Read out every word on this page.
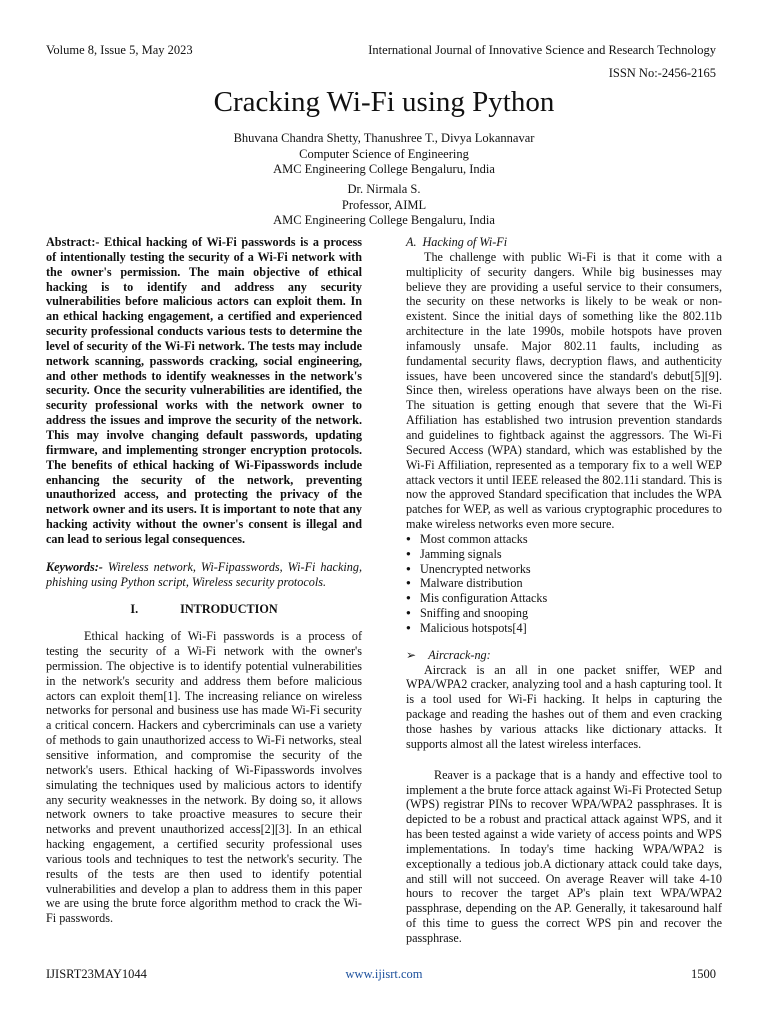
Volume 8, Issue 5, May 2023	International Journal of Innovative Science and Research Technology
ISSN No:-2456-2165
Cracking Wi-Fi using Python
Bhuvana Chandra Shetty, Thanushree T., Divya Lokannavar
Computer Science of Engineering
AMC Engineering College Bengaluru, India
Dr. Nirmala S.
Professor, AIML
AMC Engineering College Bengaluru, India

Abstract:- Ethical hacking of Wi-Fi passwords is a process of intentionally testing the security of a Wi-Fi network with the owner's permission. The main objective of ethical hacking is to identify and address any security vulnerabilities before malicious actors can exploit them. In an ethical hacking engagement, a certified and experienced security professional conducts various tests to determine the level of security of the Wi-Fi network. The tests may include network scanning, passwords cracking, social engineering, and other methods to identify weaknesses in the network's security. Once the security vulnerabilities are identified, the security professional works with the network owner to address the issues and improve the security of the network. This may involve changing default passwords, updating firmware, and implementing stronger encryption protocols. The benefits of ethical hacking of Wi-Fipasswords include enhancing the security of the network, preventing unauthorized access, and protecting the privacy of the network owner and its users. It is important to note that any hacking activity without the owner's consent is illegal and can lead to serious legal consequences.

Keywords:- Wireless network, Wi-Fipasswords, Wi-Fi hacking, phishing using Python script, Wireless security protocols.

I.	INTRODUCTION

Ethical hacking of Wi-Fi passwords is a process of testing the security of a Wi-Fi network with the owner's permission. The objective is to identify potential vulnerabilities in the network's security and address them before malicious actors can exploit them[1]. The increasing reliance on wireless networks for personal and business use has made Wi-Fi security a critical concern. Hackers and cybercriminals can use a variety of methods to gain unauthorized access to Wi-Fi networks, steal sensitive information, and compromise the security of the network's users. Ethical hacking of Wi-Fipasswords involves simulating the techniques used by malicious actors to identify any security weaknesses in the network. By doing so, it allows network owners to take proactive measures to secure their networks and prevent unauthorized access[2][3]. In an ethical hacking engagement, a certified security professional uses various tools and techniques to test the network's security. The results of the tests are then used to identify potential vulnerabilities and develop a plan to address them in this paper we are using the brute force algorithm method to crack the Wi-Fi passwords.

A. Hacking of Wi-Fi

The challenge with public Wi-Fi is that it come with a multiplicity of security dangers. While big businesses may believe they are providing a useful service to their consumers, the security on these networks is likely to be weak or non-existent. Since the initial days of something like the 802.11b architecture in the late 1990s, mobile hotspots have proven infamously unsafe. Major 802.11 faults, including as fundamental security flaws, decryption flaws, and authenticity issues, have been uncovered since the standard's debut[5][9]. Since then, wireless operations have always been on the rise. The situation is getting enough that severe that the Wi-Fi Affiliation has established two intrusion prevention standards and guidelines to fightback against the aggressors. The Wi-Fi Secured Access (WPA) standard, which was established by the Wi-Fi Affiliation, represented as a temporary fix to a well WEP attack vectors it until IEEE released the 802.11i standard. This is now the approved Standard specification that includes the WPA patches for WEP, as well as various cryptographic procedures to make wireless networks even more secure.

● Most common attacks
● Jamming signals
● Unencrypted networks
● Malware distribution
● Mis configuration Attacks
● Sniffing and snooping
● Malicious hotspots[4]

➢ Aircrack-ng:

Aircrack is an all in one packet sniffer, WEP and WPA/WPA2 cracker, analyzing tool and a hash capturing tool. It is a tool used for Wi-Fi hacking. It helps in capturing the package and reading the hashes out of them and even cracking those hashes by various attacks like dictionary attacks. It supports almost all the latest wireless interfaces.

Reaver is a package that is a handy and effective tool to implement a the brute force attack against Wi-Fi Protected Setup (WPS) registrar PINs to recover WPA/WPA2 passphrases. It is depicted to be a robust and practical attack against WPS, and it has been tested against a wide variety of access points and WPS implementations. In today's time hacking WPA/WPA2 is exceptionally a tedious job.A dictionary attack could take days, and still will not succeed. On average Reaver will take 4-10 hours to recover the target AP's plain text WPA/WPA2 passphrase, depending on the AP. Generally, it takesaround half of this time to guess the correct WPS pin and recover the passphrase.

IJISRT23MAY1044	www.ijisrt.com	1500
